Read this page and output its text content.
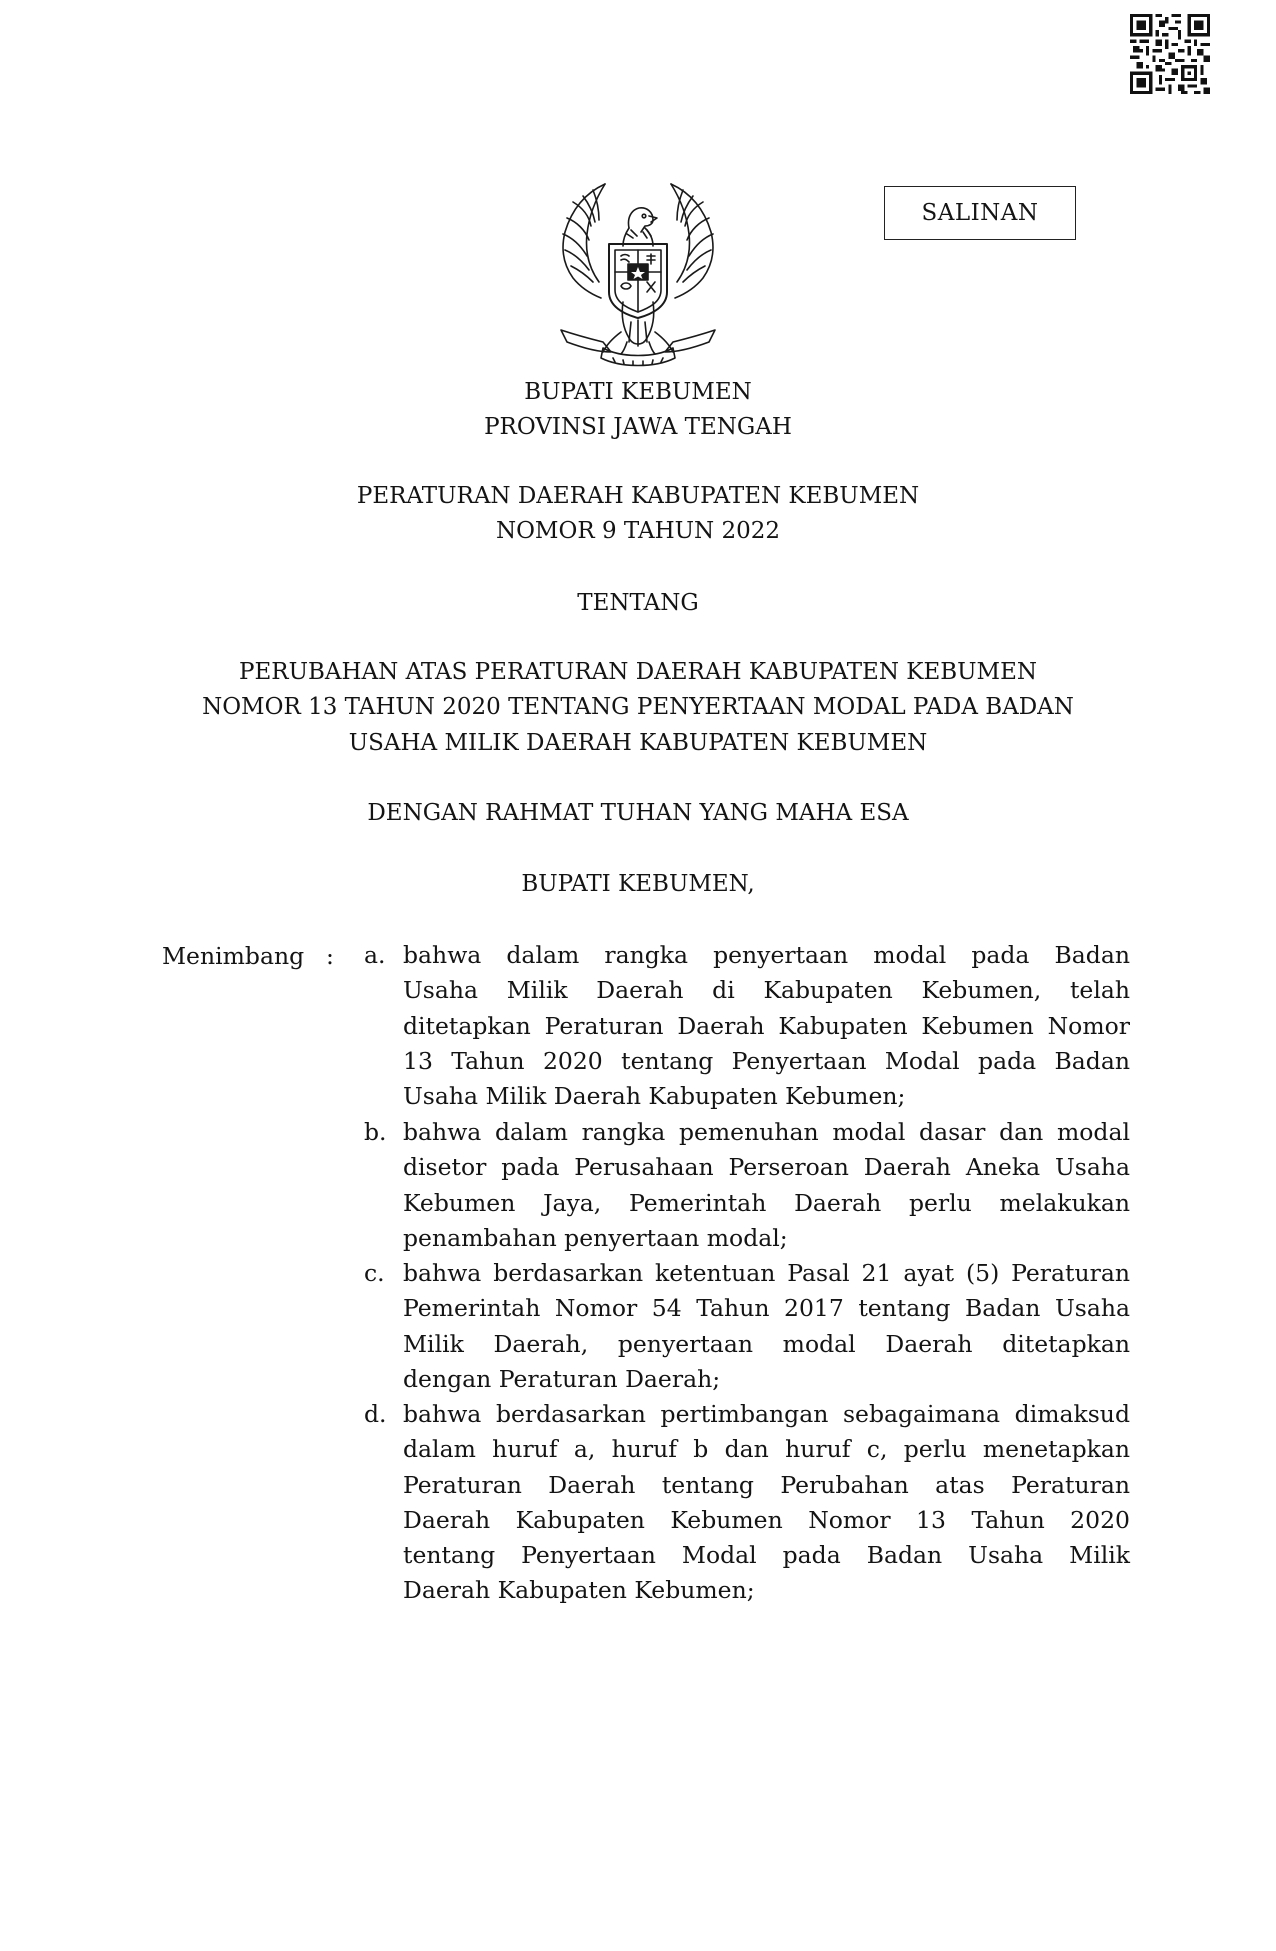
SALINAN
BUPATI KEBUMEN
PROVINSI JAWA TENGAH
PERATURAN DAERAH KABUPATEN KEBUMEN
NOMOR 9 TAHUN 2022
TENTANG
PERUBAHAN ATAS PERATURAN DAERAH KABUPATEN KEBUMEN
NOMOR 13 TAHUN 2020 TENTANG PENYERTAAN MODAL PADA BADAN
USAHA MILIK DAERAH KABUPATEN KEBUMEN
DENGAN RAHMAT TUHAN YANG MAHA ESA
BUPATI KEBUMEN,
Menimbang : a. bahwa dalam rangka penyertaan modal pada Badan
Usaha Milik Daerah di Kabupaten Kebumen, telah
ditetapkan Peraturan Daerah Kabupaten Kebumen Nomor
13 Tahun 2020 tentang Penyertaan Modal pada Badan
Usaha Milik Daerah Kabupaten Kebumen;
b. bahwa dalam rangka pemenuhan modal dasar dan modal
disetor pada Perusahaan Perseroan Daerah Aneka Usaha
Kebumen Jaya, Pemerintah Daerah perlu melakukan
penambahan penyertaan modal;
c. bahwa berdasarkan ketentuan Pasal 21 ayat (5) Peraturan
Pemerintah Nomor 54 Tahun 2017 tentang Badan Usaha
Milik Daerah, penyertaan modal Daerah ditetapkan
dengan Peraturan Daerah;
d. bahwa berdasarkan pertimbangan sebagaimana dimaksud
dalam huruf a, huruf b dan huruf c, perlu menetapkan
Peraturan Daerah tentang Perubahan atas Peraturan
Daerah Kabupaten Kebumen Nomor 13 Tahun 2020
tentang Penyertaan Modal pada Badan Usaha Milik
Daerah Kabupaten Kebumen;
